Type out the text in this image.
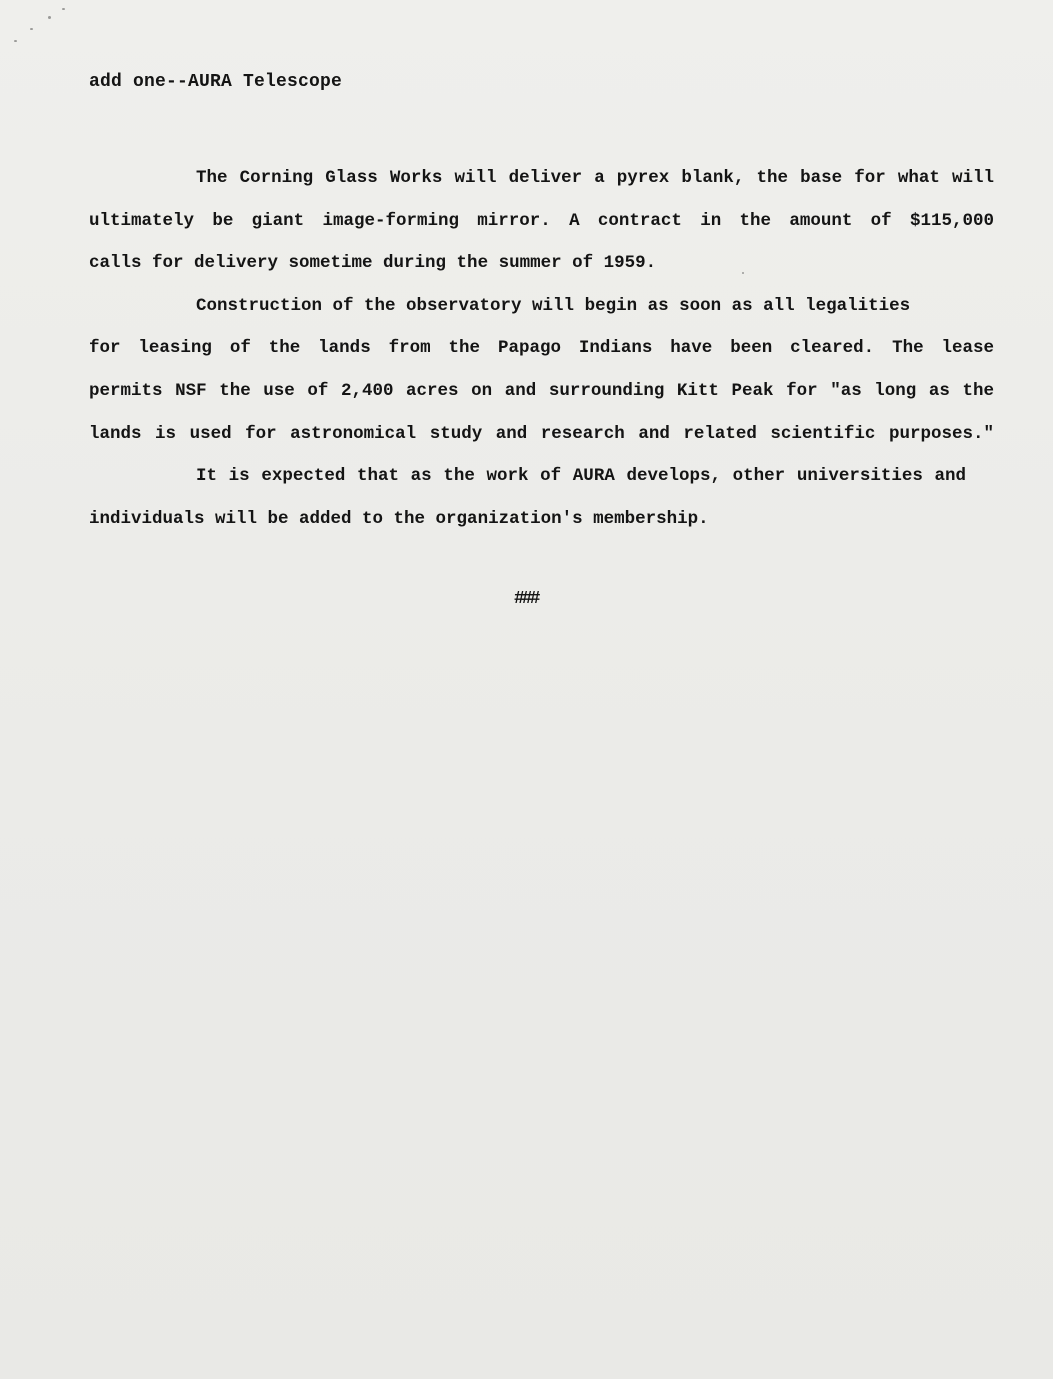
add one--AURA Telescope
The Corning Glass Works will deliver a pyrex blank, the base for what will
ultimately be giant image-forming mirror. A contract in the amount of $115,000
calls for delivery sometime during the summer of 1959.
Construction of the observatory will begin as soon as all legalities
for leasing of the lands from the Papago Indians have been cleared. The lease
permits NSF the use of 2,400 acres on and surrounding Kitt Peak for "as long as the
lands is used for astronomical study and research and related scientific purposes."
It is expected that as the work of AURA develops, other universities and
individuals will be added to the organization's membership.
###
